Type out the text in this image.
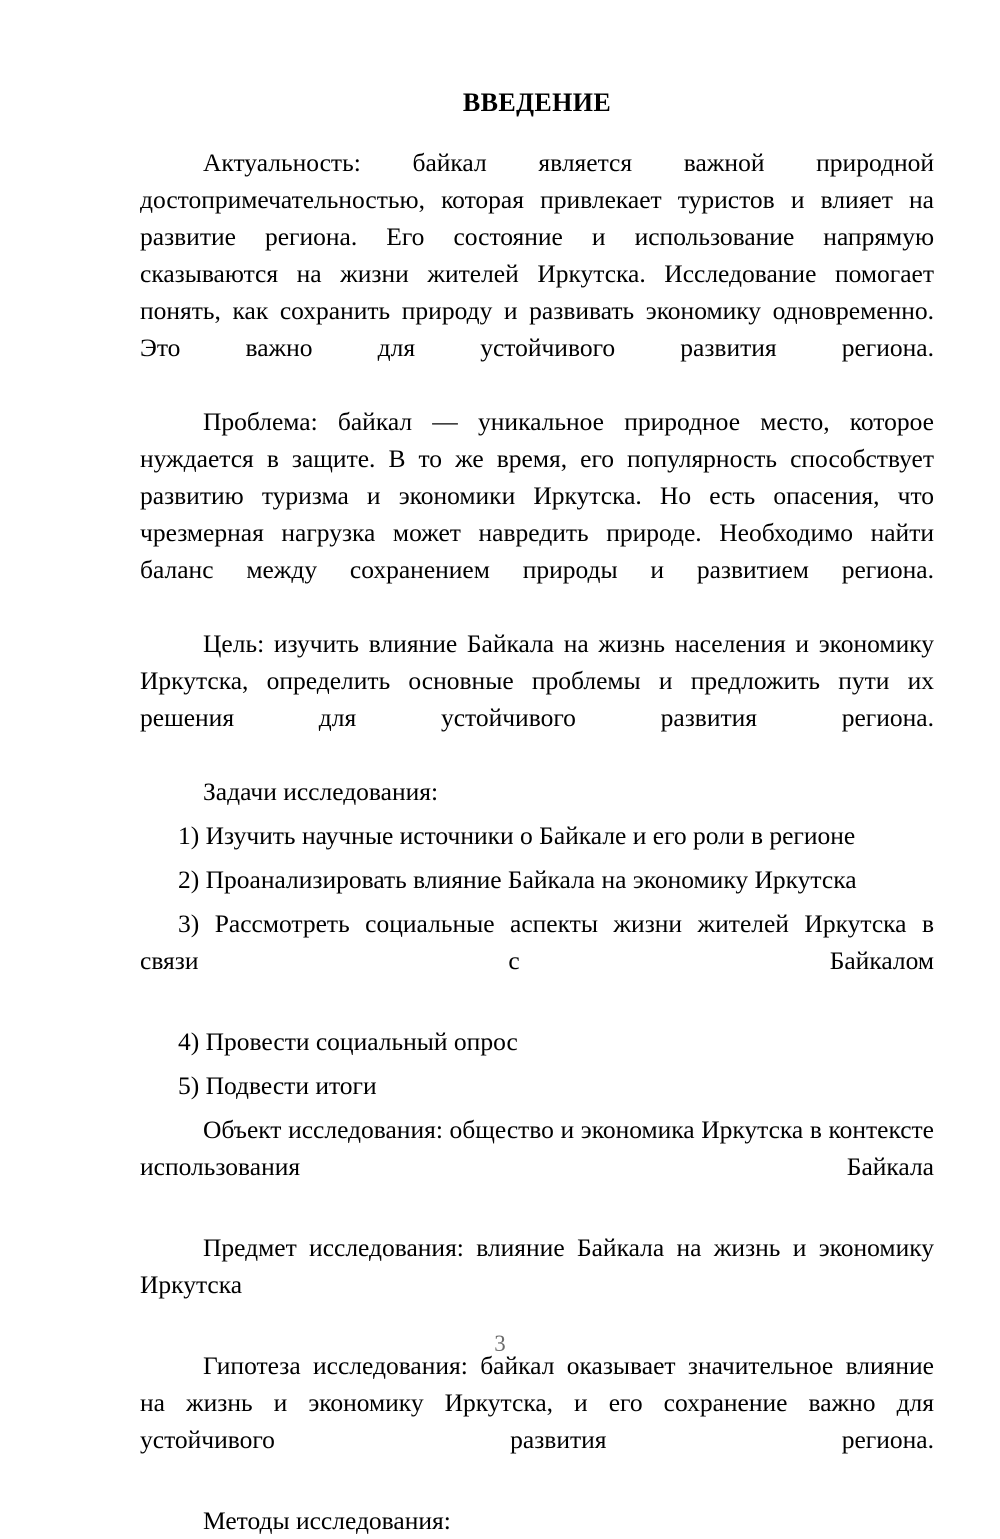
ВВЕДЕНИЕ

Актуальность: байкал является важной природной достопримечательностью, которая привлекает туристов и влияет на развитие региона. Его состояние и использование напрямую сказываются на жизни жителей Иркутска. Исследование помогает понять, как сохранить природу и развивать экономику одновременно. Это важно для устойчивого развития региона.

Проблема: байкал — уникальное природное место, которое нуждается в защите. В то же время, его популярность способствует развитию туризма и экономики Иркутска. Но есть опасения, что чрезмерная нагрузка может навредить природе. Необходимо найти баланс между сохранением природы и развитием региона.

Цель: изучить влияние Байкала на жизнь населения и экономику Иркутска, определить основные проблемы и предложить пути их решения для устойчивого развития региона.

Задачи исследования:

1) Изучить научные источники о Байкале и его роли в регионе

2) Проанализировать влияние Байкала на экономику Иркутска

3) Рассмотреть социальные аспекты жизни жителей Иркутска в связи с Байкалом

4) Провести социальный опрос

5) Подвести итоги

Объект исследования: общество и экономика Иркутска в контексте использования Байкала

Предмет исследования: влияние Байкала на жизнь и экономику Иркутска

Гипотеза исследования: байкал оказывает значительное влияние на жизнь и экономику Иркутска, и его сохранение важно для устойчивого развития региона.

Методы исследования:

3
